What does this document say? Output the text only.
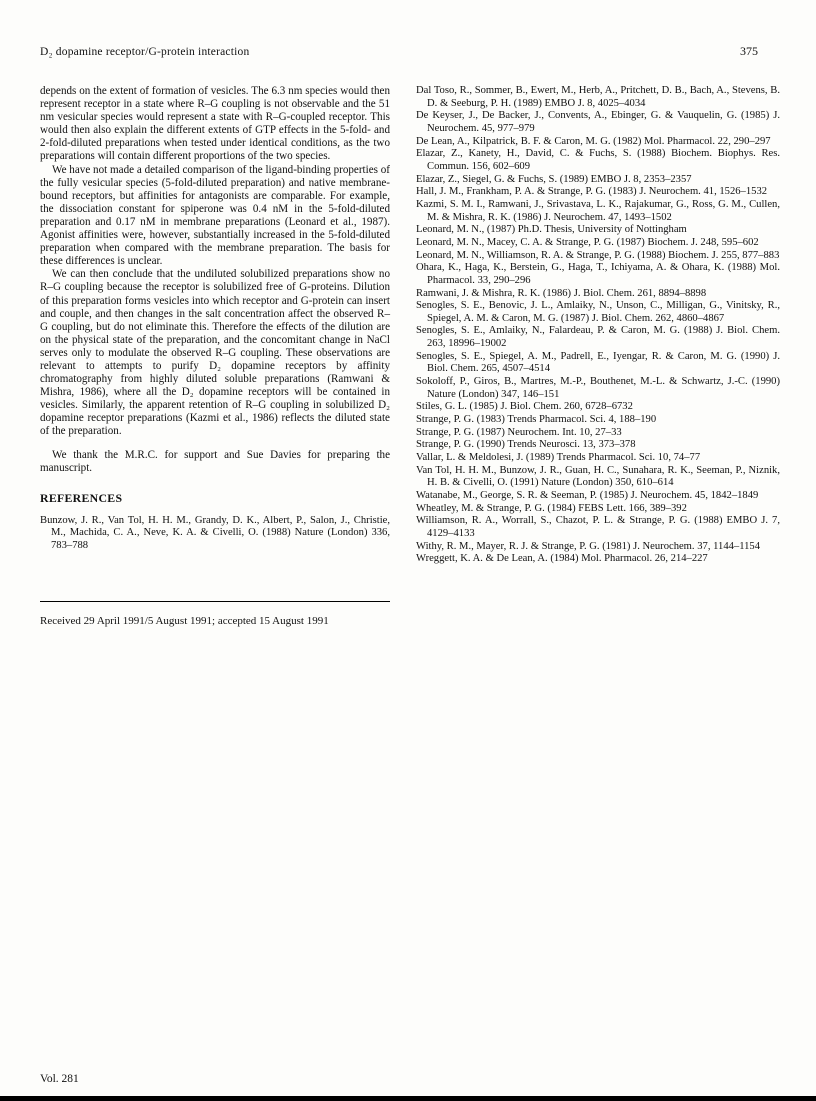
D₂ dopamine receptor/G-protein interaction	375

depends on the extent of formation of vesicles. The 6.3 nm species would then represent receptor in a state where R–G coupling is not observable and the 51 nm vesicular species would represent a state with R–G-coupled receptor. This would then also explain the different extents of GTP effects in the 5-fold- and 2-fold-diluted preparations when tested under identical conditions, as the two preparations will contain different proportions of the two species.

We have not made a detailed comparison of the ligand-binding properties of the fully vesicular species (5-fold-diluted preparation) and native membrane-bound receptors, but affinities for antagonists are comparable. For example, the dissociation constant for spiperone was 0.4 nM in the 5-fold-diluted preparation and 0.17 nM in membrane preparations (Leonard et al., 1987). Agonist affinities were, however, substantially increased in the 5-fold-diluted preparation when compared with the membrane preparation. The basis for these differences is unclear.

We can then conclude that the undiluted solubilized preparations show no R–G coupling because the receptor is solubilized free of G-proteins. Dilution of this preparation forms vesicles into which receptor and G-protein can insert and couple, and then changes in the salt concentration affect the observed R–G coupling, but do not eliminate this. Therefore the effects of the dilution are on the physical state of the preparation, and the concomitant change in NaCl serves only to modulate the observed R–G coupling. These observations are relevant to attempts to purify D₂ dopamine receptors by affinity chromatography from highly diluted soluble preparations (Ramwani & Mishra, 1986), where all the D₂ dopamine receptors will be contained in vesicles. Similarly, the apparent retention of R–G coupling in solubilized D₂ dopamine receptor preparations (Kazmi et al., 1986) reflects the diluted state of the preparation.

We thank the M.R.C. for support and Sue Davies for preparing the manuscript.

REFERENCES

Bunzow, J. R., Van Tol, H. H. M., Grandy, D. K., Albert, P., Salon, J., Christie, M., Machida, C. A., Neve, K. A. & Civelli, O. (1988) Nature (London) 336, 783–788

Received 29 April 1991/5 August 1991; accepted 15 August 1991

Dal Toso, R., Sommer, B., Ewert, M., Herb, A., Pritchett, D. B., Bach, A., Stevens, B. D. & Seeburg, P. H. (1989) EMBO J. 8, 4025–4034

De Keyser, J., De Backer, J., Convents, A., Ebinger, G. & Vauquelin, G. (1985) J. Neurochem. 45, 977–979

De Lean, A., Kilpatrick, B. F. & Caron, M. G. (1982) Mol. Pharmacol. 22, 290–297

Elazar, Z., Kanety, H., David, C. & Fuchs, S. (1988) Biochem. Biophys. Res. Commun. 156, 602–609

Elazar, Z., Siegel, G. & Fuchs, S. (1989) EMBO J. 8, 2353–2357

Hall, J. M., Frankham, P. A. & Strange, P. G. (1983) J. Neurochem. 41, 1526–1532

Kazmi, S. M. I., Ramwani, J., Srivastava, L. K., Rajakumar, G., Ross, G. M., Cullen, M. & Mishra, R. K. (1986) J. Neurochem. 47, 1493–1502

Leonard, M. N., (1987) Ph.D. Thesis, University of Nottingham

Leonard, M. N., Macey, C. A. & Strange, P. G. (1987) Biochem. J. 248, 595–602

Leonard, M. N., Williamson, R. A. & Strange, P. G. (1988) Biochem. J. 255, 877–883

Ohara, K., Haga, K., Berstein, G., Haga, T., Ichiyama, A. & Ohara, K. (1988) Mol. Pharmacol. 33, 290–296

Ramwani, J. & Mishra, R. K. (1986) J. Biol. Chem. 261, 8894–8898

Senogles, S. E., Benovic, J. L., Amlaiky, N., Unson, C., Milligan, G., Vinitsky, R., Spiegel, A. M. & Caron, M. G. (1987) J. Biol. Chem. 262, 4860–4867

Senogles, S. E., Amlaiky, N., Falardeau, P. & Caron, M. G. (1988) J. Biol. Chem. 263, 18996–19002

Senogles, S. E., Spiegel, A. M., Padrell, E., Iyengar, R. & Caron, M. G. (1990) J. Biol. Chem. 265, 4507–4514

Sokoloff, P., Giros, B., Martres, M.-P., Bouthenet, M.-L. & Schwartz, J.-C. (1990) Nature (London) 347, 146–151

Stiles, G. L. (1985) J. Biol. Chem. 260, 6728–6732

Strange, P. G. (1983) Trends Pharmacol. Sci. 4, 188–190

Strange, P. G. (1987) Neurochem. Int. 10, 27–33

Strange, P. G. (1990) Trends Neurosci. 13, 373–378

Vallar, L. & Meldolesi, J. (1989) Trends Pharmacol. Sci. 10, 74–77

Van Tol, H. H. M., Bunzow, J. R., Guan, H. C., Sunahara, R. K., Seeman, P., Niznik, H. B. & Civelli, O. (1991) Nature (London) 350, 610–614

Watanabe, M., George, S. R. & Seeman, P. (1985) J. Neurochem. 45, 1842–1849

Wheatley, M. & Strange, P. G. (1984) FEBS Lett. 166, 389–392

Williamson, R. A., Worrall, S., Chazot, P. L. & Strange, P. G. (1988) EMBO J. 7, 4129–4133

Withy, R. M., Mayer, R. J. & Strange, P. G. (1981) J. Neurochem. 37, 1144–1154

Wreggett, K. A. & De Lean, A. (1984) Mol. Pharmacol. 26, 214–227

Vol. 281
